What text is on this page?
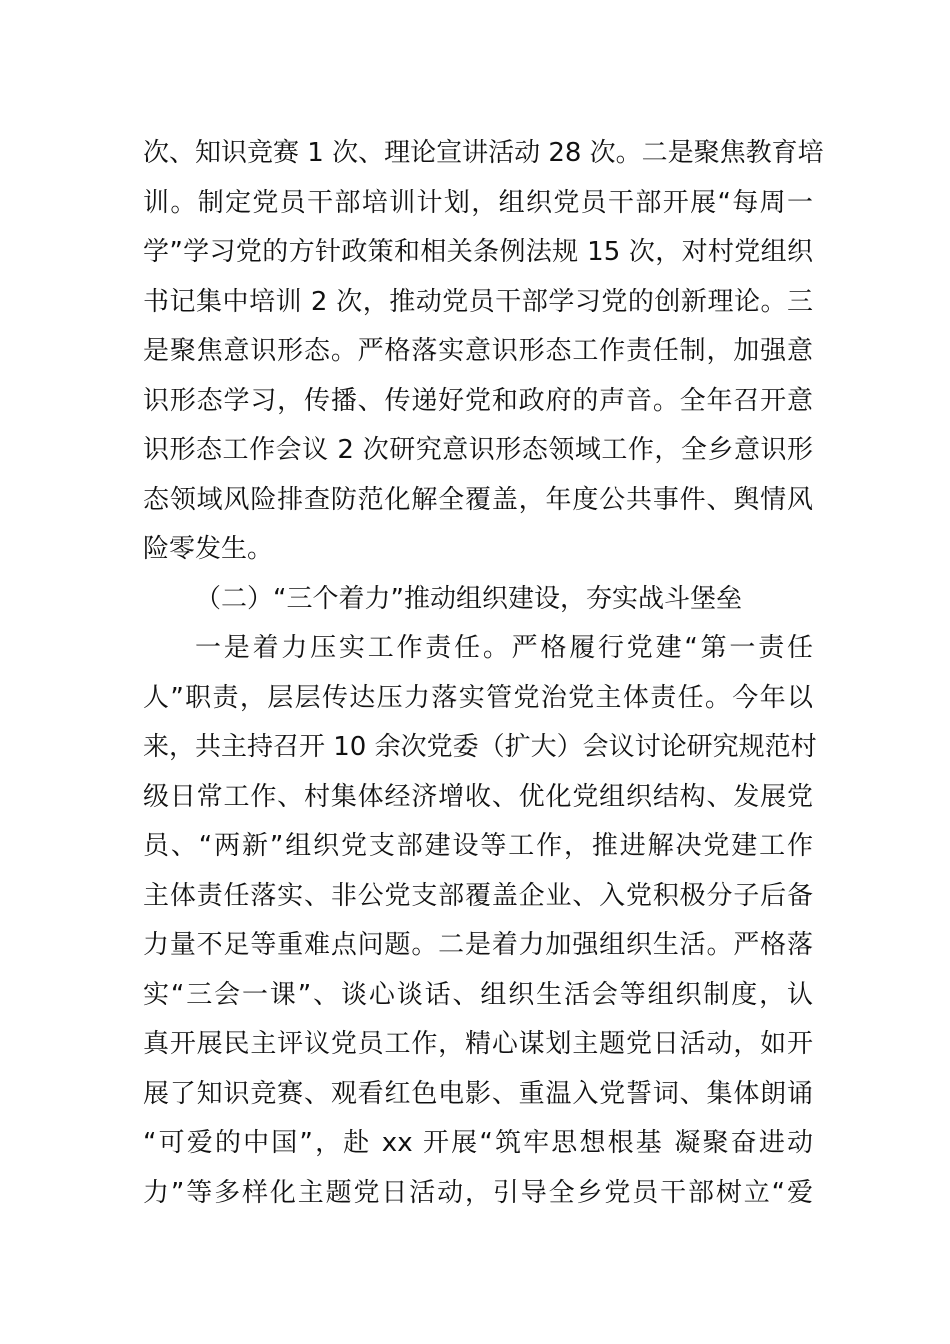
次、知识竞赛 1 次、理论宣讲活动 28 次。二是聚焦教育培
训。制定党员干部培训计划，组织党员干部开展“每周一
学”学习党的方针政策和相关条例法规 15 次，对村党组织
书记集中培训 2 次，推动党员干部学习党的创新理论。三
是聚焦意识形态。严格落实意识形态工作责任制，加强意
识形态学习，传播、传递好党和政府的声音。全年召开意
识形态工作会议 2 次研究意识形态领域工作，全乡意识形
态领域风险排查防范化解全覆盖，年度公共事件、舆情风
险零发生。
（二）“三个着力”推动组织建设，夯实战斗堡垒
一是着力压实工作责任。严格履行党建“第一责任
人”职责，层层传达压力落实管党治党主体责任。今年以
来，共主持召开 10 余次党委（扩大）会议讨论研究规范村
级日常工作、村集体经济增收、优化党组织结构、发展党
员、“两新”组织党支部建设等工作，推进解决党建工作
主体责任落实、非公党支部覆盖企业、入党积极分子后备
力量不足等重难点问题。二是着力加强组织生活。严格落
实“三会一课”、谈心谈话、组织生活会等组织制度，认
真开展民主评议党员工作，精心谋划主题党日活动，如开
展了知识竞赛、观看红色电影、重温入党誓词、集体朗诵
“可爱的中国”，赴 xx 开展“筑牢思想根基 凝聚奋进动
力”等多样化主题党日活动，引导全乡党员干部树立“爱
